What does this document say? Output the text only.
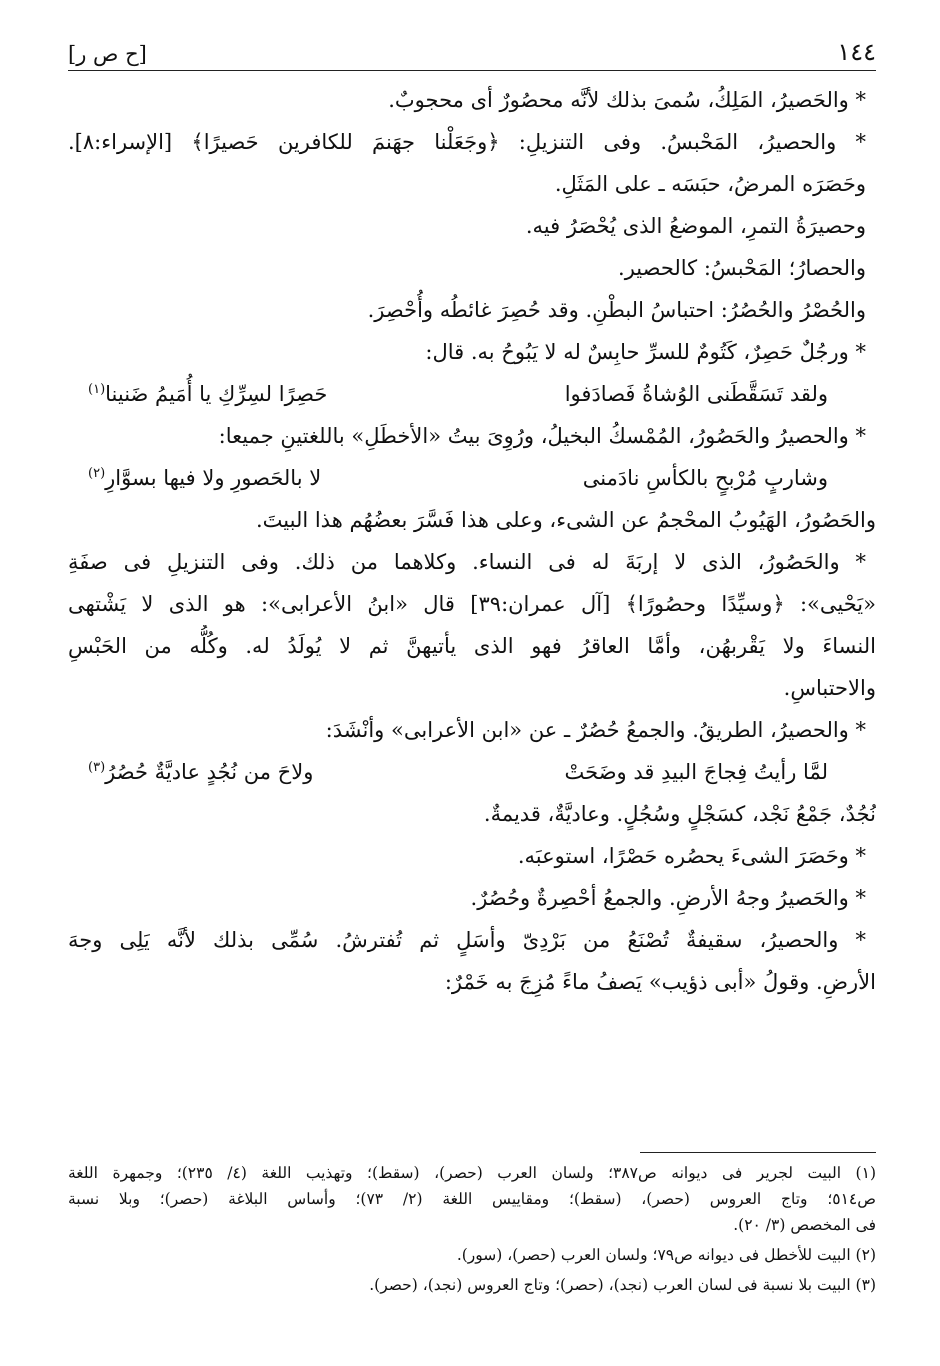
١٤٤
[ح ص ر]
* والحَصيرُ، المَلِكُ، سُمىَ بذلك لأنَّه محصُورٌ أى محجوبٌ.
* والحصيرُ، المَحْبسُ. وفى التنزيلِ: ﴿وجَعَلْنا جهَنمَ للكافرين حَصيرًا﴾ [الإسراء:٨].
وحَصَرَه المرضُ، حبَسَه ـ على المَثَلِ.
وحصيرَةُ التمرِ، الموضعُ الذى يُحْصَرُ فيه.
والحصارُ؛ المَحْبسُ: كالحصير.
والحُصْرُ والحُصُرُ: احتباسُ البطْنِ. وقد حُصِرَ غائطُه وأُحْصِرَ.
* ورجُلٌ حَصِرٌ، كَتُومٌ للسرِّ حابِسٌ له لا يَبُوحُ به. قال:
ولقد تَسَقَّطَنى الوُشاةُ فَصادَفوا
حَصِرًا لسِرِّكِ يا أُمَيمُ ضَنينا$^{(١)}$
* والحصيرُ والحَصُورُ، المُمْسكُ البخيلُ، ورُوِىَ بيتُ «الأخطَلِ» باللغتينِ جميعا:
وشاربٍ مُرْبحٍ بالكأسِ نادَمنى
لا بالحَصورِ ولا فيها بسوَّارِ$^{(٢)}$
والحَصُورُ، الهَيُوبُ المحْجمُ عن الشىء، وعلى هذا فَسَّرَ بعضُهُم هذا البيتَ.
* والحَصُورُ، الذى لا إربَةَ له فى النساء. وكلاهما من ذلك. وفى التنزيلِ فى صفَةِ
«يَحْيى»: ﴿وسيِّدًا وحصُورًا﴾ [آل عمران:٣٩] قال «ابنُ الأعرابى»: هو الذى لا يَشْتهى
النساءَ ولا يَقْربهُن، وأمَّا العاقرُ فهو الذى يأتيهنَّ ثم لا يُولَدُ له. وكُلُّه من الحَبْسِ
والاحتباسِ.
* والحصيرُ، الطريقُ. والجمعُ حُصُرٌ ـ عن «ابن الأعرابى» وأنْشَدَ:
لمَّا رأيتُ فِجاجَ البيدِ قد وضَحَتْ
ولاحَ من نُجُدٍ عاديَّةٌ حُصُرُ$^{(٣)}$
نُجُدٌ، جَمْعُ نَجْد، كسَجْلٍ وسُجُلٍ. وعاديَّةٌ، قديمةٌ.
* وحَصَرَ الشىءَ يحصُره حَصْرًا، استوعبَه.
* والحَصيرُ وجهُ الأرضِ. والجمعُ أحْصِرةٌ وحُصُرٌ.
* والحصيرُ، سقيفةٌ تُصْنَعُ من بَرْدِىّ وأسَلٍ ثم تُفترشُ. سُمِّى بذلك لأنَّه يَلِى وجهَ
الأرضِ. وقولُ «أبى ذؤيب» يَصفُ ماءً مُزِجَ به خَمْرٌ:
(١) البيت لجرير فى ديوانه ص٣٨٧؛ ولسان العرب (حصر)، (سقط)؛ وتهذيب اللغة (٤/ ٢٣٥)؛ وجمهرة اللغة
ص٥١٤؛ وتاج العروس (حصر)، (سقط)؛ ومقاييس اللغة (٢/ ٧٣)؛ وأساس البلاغة (حصر)؛ وبلا نسبة
فى المخصص (٣/ ٢٠).
(٢) البيت للأخطل فى ديوانه ص٧٩؛ ولسان العرب (حصر)، (سور).
(٣) البيت بلا نسبة فى لسان العرب (نجد)، (حصر)؛ وتاج العروس (نجد)، (حصر).
